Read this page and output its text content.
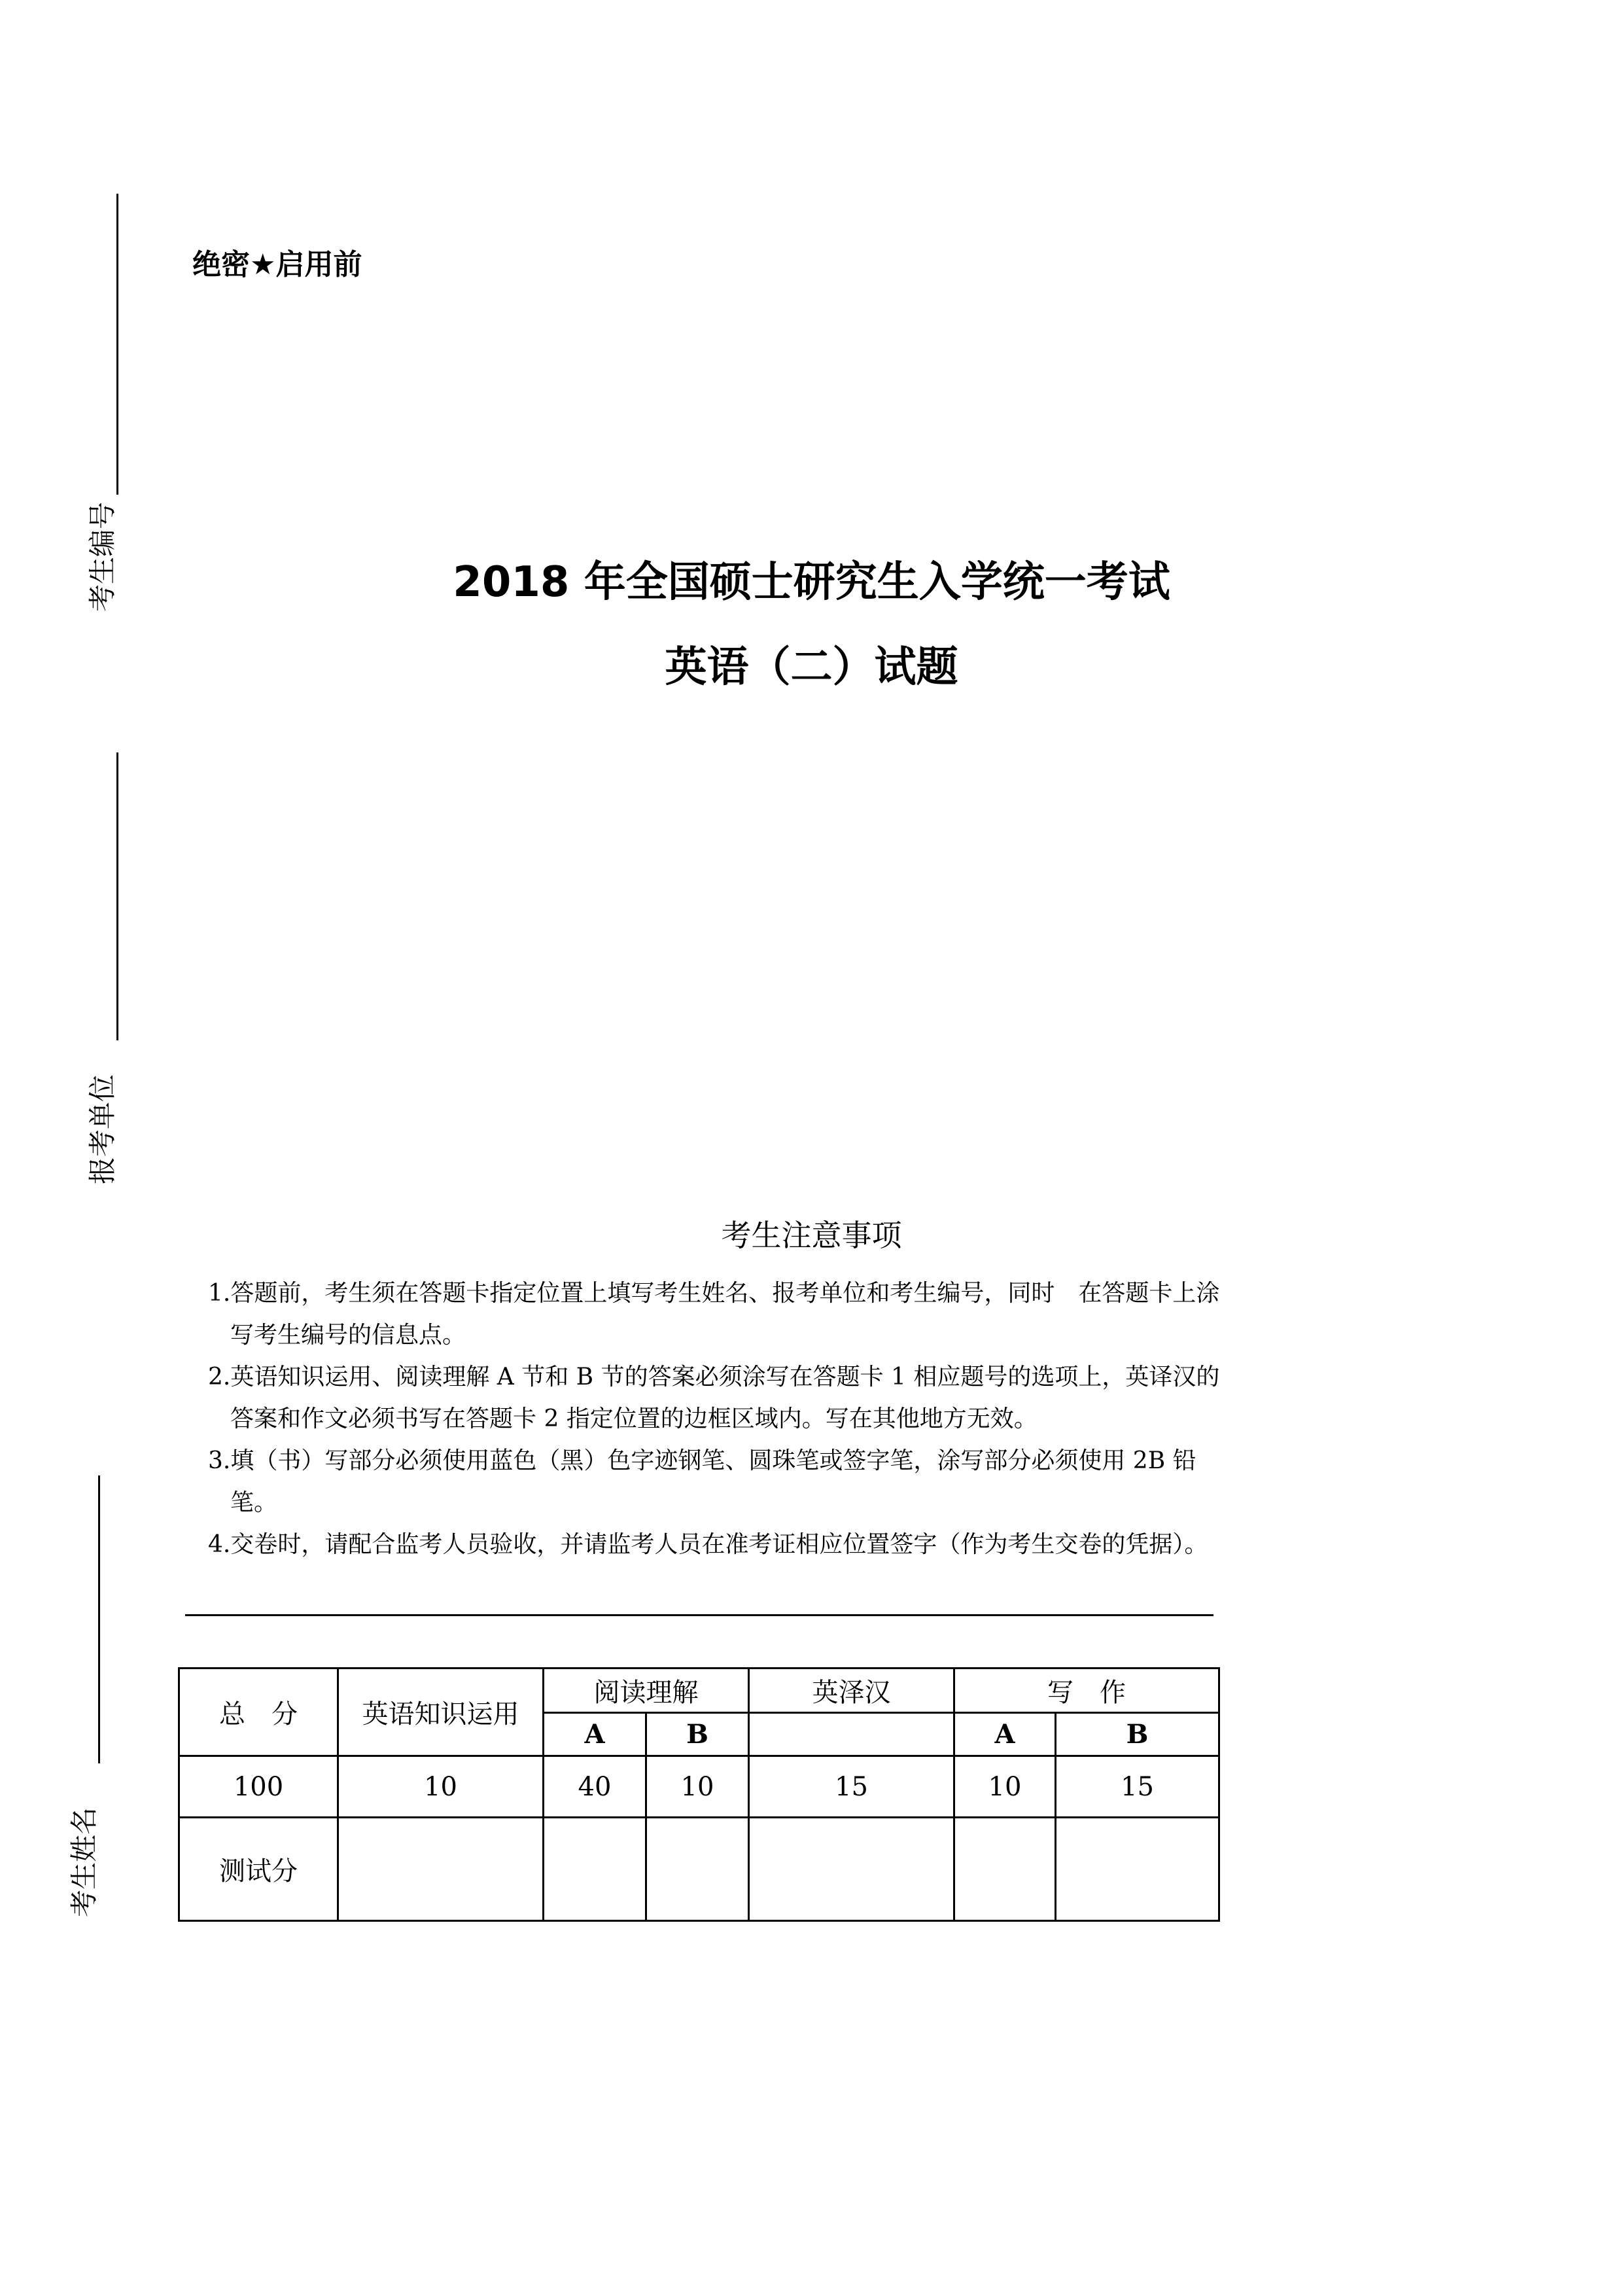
考生编号
报考单位
考生姓名
绝密★启用前
2018 年全国硕士研究生入学统一考试
英语（二）试题
考生注意事项

1.答题前，考生须在答题卡指定位置上填写考生姓名、报考单位和考生编号，同时　在答题卡上涂写考生编号的信息点。

2.英语知识运用、阅读理解 A 节和 B 节的答案必须涂写在答题卡 1 相应题号的选项上，英译汉的答案和作文必须书写在答题卡 2 指定位置的边框区域内。写在其他地方无效。

3.填（书）写部分必须使用蓝色（黑）色字迹钢笔、圆珠笔或签字笔，涂写部分必须使用 2B 铅笔。

4.交卷时，请配合监考人员验收，并请监考人员在准考证相应位置签字（作为考生交卷的凭据）。

总　分	英语知识运用	阅读理解		英泽汉	写　作	
		A	B		A	B
100	10	40	10	15	10	15
测试分						
